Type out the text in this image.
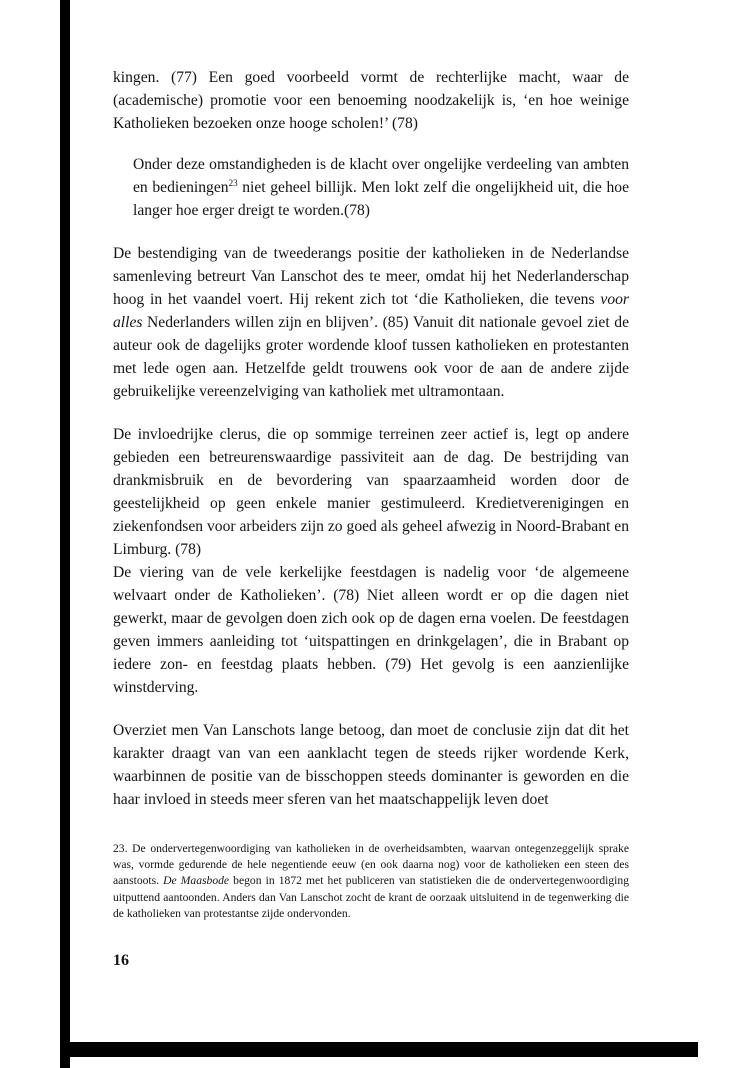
kingen. (77) Een goed voorbeeld vormt de rechterlijke macht, waar de (academische) promotie voor een benoeming noodzakelijk is, ‘en hoe weinige Katholieken bezoeken onze hooge scholen!’ (78)

Onder deze omstandigheden is de klacht over ongelijke verdeeling van ambten en bedieningen$^{23}$ niet geheel billijk. Men lokt zelf die ongelijkheid uit, die hoe langer hoe erger dreigt te worden.(78)

De bestendiging van de tweederangs positie der katholieken in de Nederlandse samenleving betreurt Van Lanschot des te meer, omdat hij het Nederlanderschap hoog in het vaandel voert. Hij rekent zich tot ‘die Katholieken, die tevens voor alles Nederlanders willen zijn en blijven’. (85) Vanuit dit nationale gevoel ziet de auteur ook de dagelijks groter wordende kloof tussen katholieken en protestanten met lede ogen aan. Hetzelfde geldt trouwens ook voor de aan de andere zijde gebruikelijke vereenzelviging van katholiek met ultramontaan.

De invloedrijke clerus, die op sommige terreinen zeer actief is, legt op andere gebieden een betreurenswaardige passiviteit aan de dag. De bestrijding van drankmisbruik en de bevordering van spaarzaamheid worden door de geestelijkheid op geen enkele manier gestimuleerd. Kredietverenigingen en ziekenfondsen voor arbeiders zijn zo goed als geheel afwezig in Noord-Brabant en Limburg. (78)

De viering van de vele kerkelijke feestdagen is nadelig voor ‘de algemeene welvaart onder de Katholieken’. (78) Niet alleen wordt er op die dagen niet gewerkt, maar de gevolgen doen zich ook op de dagen erna voelen. De feestdagen geven immers aanleiding tot ‘uitspattingen en drinkgelagen’, die in Brabant op iedere zon- en feestdag plaats hebben. (79) Het gevolg is een aanzienlijke winstderving.

Overziet men Van Lanschots lange betoog, dan moet de conclusie zijn dat dit het karakter draagt van van een aanklacht tegen de steeds rijker wordende Kerk, waarbinnen de positie van de bisschoppen steeds dominanter is geworden en die haar invloed in steeds meer sferen van het maatschappelijk leven doet

23. De ondervertegenwoordiging van katholieken in de overheidsambten, waarvan ontegenzeggelijk sprake was, vormde gedurende de hele negentiende eeuw (en ook daarna nog) voor de katholieken een steen des aanstoots. De Maasbode begon in 1872 met het publiceren van statistieken die de ondervertegenwoordiging uitputtend aantoonden. Anders dan Van Lanschot zocht de krant de oorzaak uitsluitend in de tegenwerking die de katholieken van protestantse zijde ondervonden.
16
